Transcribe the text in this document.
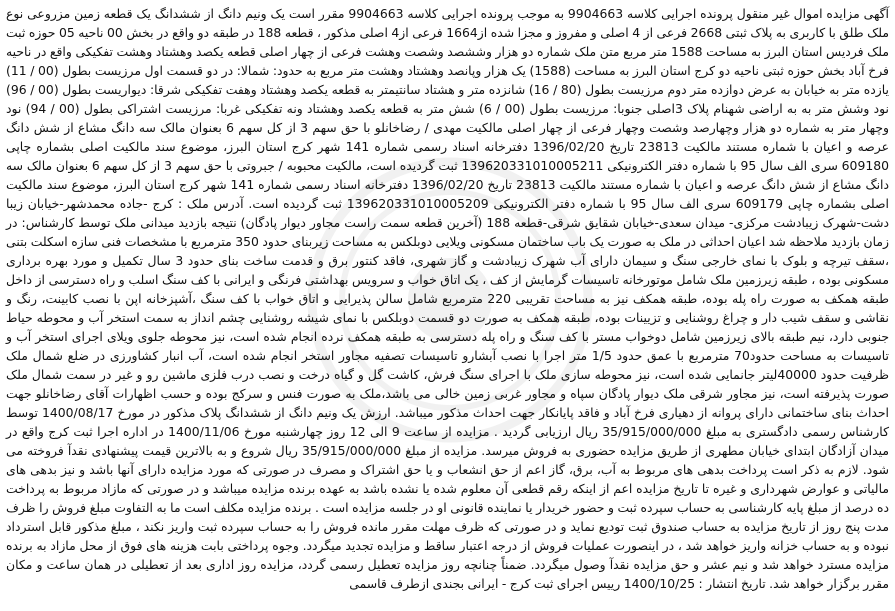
آگهی مزایده اموال غیر منقول پرونده اجرایی کلاسه 9904663 به موجب پرونده اجرایی کلاسه 9904663 مقرر است یک ونیم دانگ از ششدانگ یک قطعه زمین مزروعی نوع ملک طلق با کاربری به پلاک ثبتی 2668 فرعی از 4 اصلی و مفروز و مجزا شده از1664 فرعی از4 اصلی مذکور ، قطعه 188 در طبقه دو واقع در بخش 00 ناحیه 05 حوزه ثبت ملک فردیس استان البرز به مساحت 1588 متر مربع متن ملک شماره دو هزار وششصد وشصت وهشت فرعی از چهار اصلی قطعه یکصد وهشتاد وهشت تفکیکی واقع در ناحیه فرخ آباد بخش حوزه ثبتی ناحیه دو کرج استان البرز به مساحت (1588) یک هزار وپانصد وهشتاد وهشت متر مربع به حدود: شمالا: در دو قسمت اول مرزیست بطول (00 / 11) یازده متر به خیابان به عرض دوازده متر دوم مرزیست بطول (80 / 16) شانزده متر و هشتاد سانتیمتر به قطعه یکصد وهشتاد وهفت تفکیکی شرقا: دیواریست بطول (00 / 96) نود وشش متر به به اراضی شهنام پلاک 3اصلی جنوبا: مرزیست بطول (00 / 6) شش متر به قطعه یکصد وهشتاد ونه تفکیکی غربا: مرزیست اشتراکی بطول (00 / 94) نود وچهار متر به شماره دو هزار وچهارصد وشصت وچهار فرعی از چهار اصلی مالکیت مهدی / رضاخانلو با حق سهم 3 از کل سهم 6 بعنوان مالک سه دانگ مشاع از شش دانگ عرصه و اعیان با شماره مستند مالکیت 23813 تاریخ 1396/02/20 دفترخانه اسناد رسمی شماره 141 شهر کرج استان البرز، موضوع سند مالکیت اصلی بشماره چاپی 609180 سری الف سال 95 با شماره دفتر الکترونیکی 139620331010005211 ثبت گردیده است، مالکیت محبوبه / جبروتی با حق سهم 3 از کل سهم 6 بعنوان مالک سه دانگ مشاع از شش دانگ عرصه و اعیان با شماره مستند مالکیت 23813 تاریخ 1396/02/20 دفترخانه اسناد رسمی شماره 141 شهر کرج استان البرز، موضوع سند مالکیت اصلی بشماره چاپی 609179 سری الف سال 95 با شماره دفتر الکترونیکی 139620331010005209 ثبت گردیده است. آدرس ملک : کرج -جاده محمدشهر-خیابان زیبا دشت-شهرک زیبادشت مرکزی- میدان سعدی-خیابان شقایق شرقی-قطعه 188 (آخرین قطعه سمت راست مجاور دیوار پادگان) نتیجه بازدید میدانی ملک توسط کارشناس: در زمان بازدید ملاحظه شد اعیان احداثی در ملک به صورت یک باب ساختمان مسکونی ویلایی دوبلکس به مساحت زیربنای حدود 350 مترمربع با مشخصات فنی سازه اسکلت بتنی ،سقف تیرچه و بلوک با نمای خارجی سنگ و سیمان دارای آب شهرک زیبادشت و گاز شهری، فاقد کنتور برق و قدمت ساخت بنای حدود 3 سال تکمیل و مورد بهره برداری مسکونی بوده ، طبقه زیرزمین ملک شامل موتورخانه تاسیسات گرمایش از کف ، یک اتاق خواب و سرویس بهداشتی فرنگی و ایرانی با کف سنگ اسلب و راه دسترسی از داخل طبقه همکف به صورت راه پله بوده، طبقه همکف نیز به مساحت تقریبی 220 مترمربع شامل سالن پذیرایی و اتاق خواب با کف سنگ ،آشپزخانه اپن با نصب کابینت، رنگ و نقاشی و سقف شیب دار و چراغ روشنایی و تزیینات بوده، طبقه همکف به صورت دو قسمت دوبلکس با نمای شیشه روشنایی چشم انداز به سمت استخر آب و محوطه حیاط جنوبی دارد، نیم طبقه بالای زیرزمین شامل دوخواب مستر با کف سنگ و راه پله دسترسی به طبقه همکف نرده انجام شده است، نیز محوطه جلوی ویلای اجرای استخر آب و تاسیسات به مساحت حدود70 مترمربع با عمق حدود 1/5 متر اجرا با نصب آبشارو تاسیسات تصفیه مجاور استخر انجام شده است، آب انبار کشاورزی در ضلع شمال ملک ظرفیت حدود 40000لیتر جانمایی شده است، نیز محوطه سازی ملک با اجرای سنگ فرش، کاشت گل و گیاه درخت و نصب درب فلزی ماشین رو و غیر در سمت شمال ملک صورت پذیرفته است، نیز مجاور شرقی ملک دیوار پادگان سپاه و مجاور غربی زمین خالی می باشد،ملک به صورت فنس و سرکج بوده و حسب اظهارات آقای رضاخانلو جهت احداث بنای ساختمانی دارای پروانه از دهیاری فرخ آباد و فاقد پایانکار جهت احداث مذکور میباشد. ارزش یک ونیم دانگ از ششدانگ پلاک مذکور در مورخ 1400/08/17 توسط کارشناس رسمی دادگستری به مبلغ 35/915/000/000 ریال ارزیابی گردید . مزایده از ساعت 9 الی 12 روز چهارشنبه مورخ 1400/11/06 در اداره اجرا ثبت کرج واقع در میدان آزادگان ابتدای خیابان مطهری از طریق مزایده حضوری به فروش میرسد. مزایده از مبلغ 35/915/000/000 ریال شروع و به بالاترین قیمت پیشنهادی نقدآ فروخته می شود. لازم به ذکر است پرداخت بدهی های مربوط به آب، برق، گاز اعم از حق انشعاب و یا حق اشتراک و مصرف در صورتی که مورد مزایده دارای آنها باشد و نیز بدهی های مالیاتی و عوارض شهرداری و غیره تا تاریخ مزایده اعم از اینکه رقم قطعی آن معلوم شده یا نشده باشد به عهده برنده مزایده میباشد و در صورتی که مازاد مربوط به پرداخت ده درصد از مبلغ پایه کارشناسی به حساب سپرده ثبت و حضور خریدار یا نماینده قانونی او در جلسه مزایده است . برنده مزایده مکلف است ما به التفاوت مبلغ فروش را ظرف مدت پنج روز از تاریخ مزایده به حساب صندوق ثبت تودیع نماید و در صورتی که ظرف مهلت مقرر مانده فروش را به حساب سپرده ثبت واریز نکند ، مبلغ مذکور قابل استرداد نبوده و به حساب خزانه واریز خواهد شد ، در اینصورت عملیات فروش از درجه اعتبار ساقط و مزایده تجدید میگردد. وجوه پرداختی بابت هزینه های فوق از محل مازاد به برنده مزایده مسترد خواهد شد و نیم عشر و حق مزایده نقدآ وصول میگردد. ضمناً چنانچه روز مزایده تعطیل رسمی گردد، مزایده روز اداری بعد از تعطیلی در همان ساعت و مکان مقرر برگزار خواهد شد. تاریخ انتشار : 1400/10/25 رییس اجرای ثبت کرج - ایرانی بجندی ازطرف قاسمی
